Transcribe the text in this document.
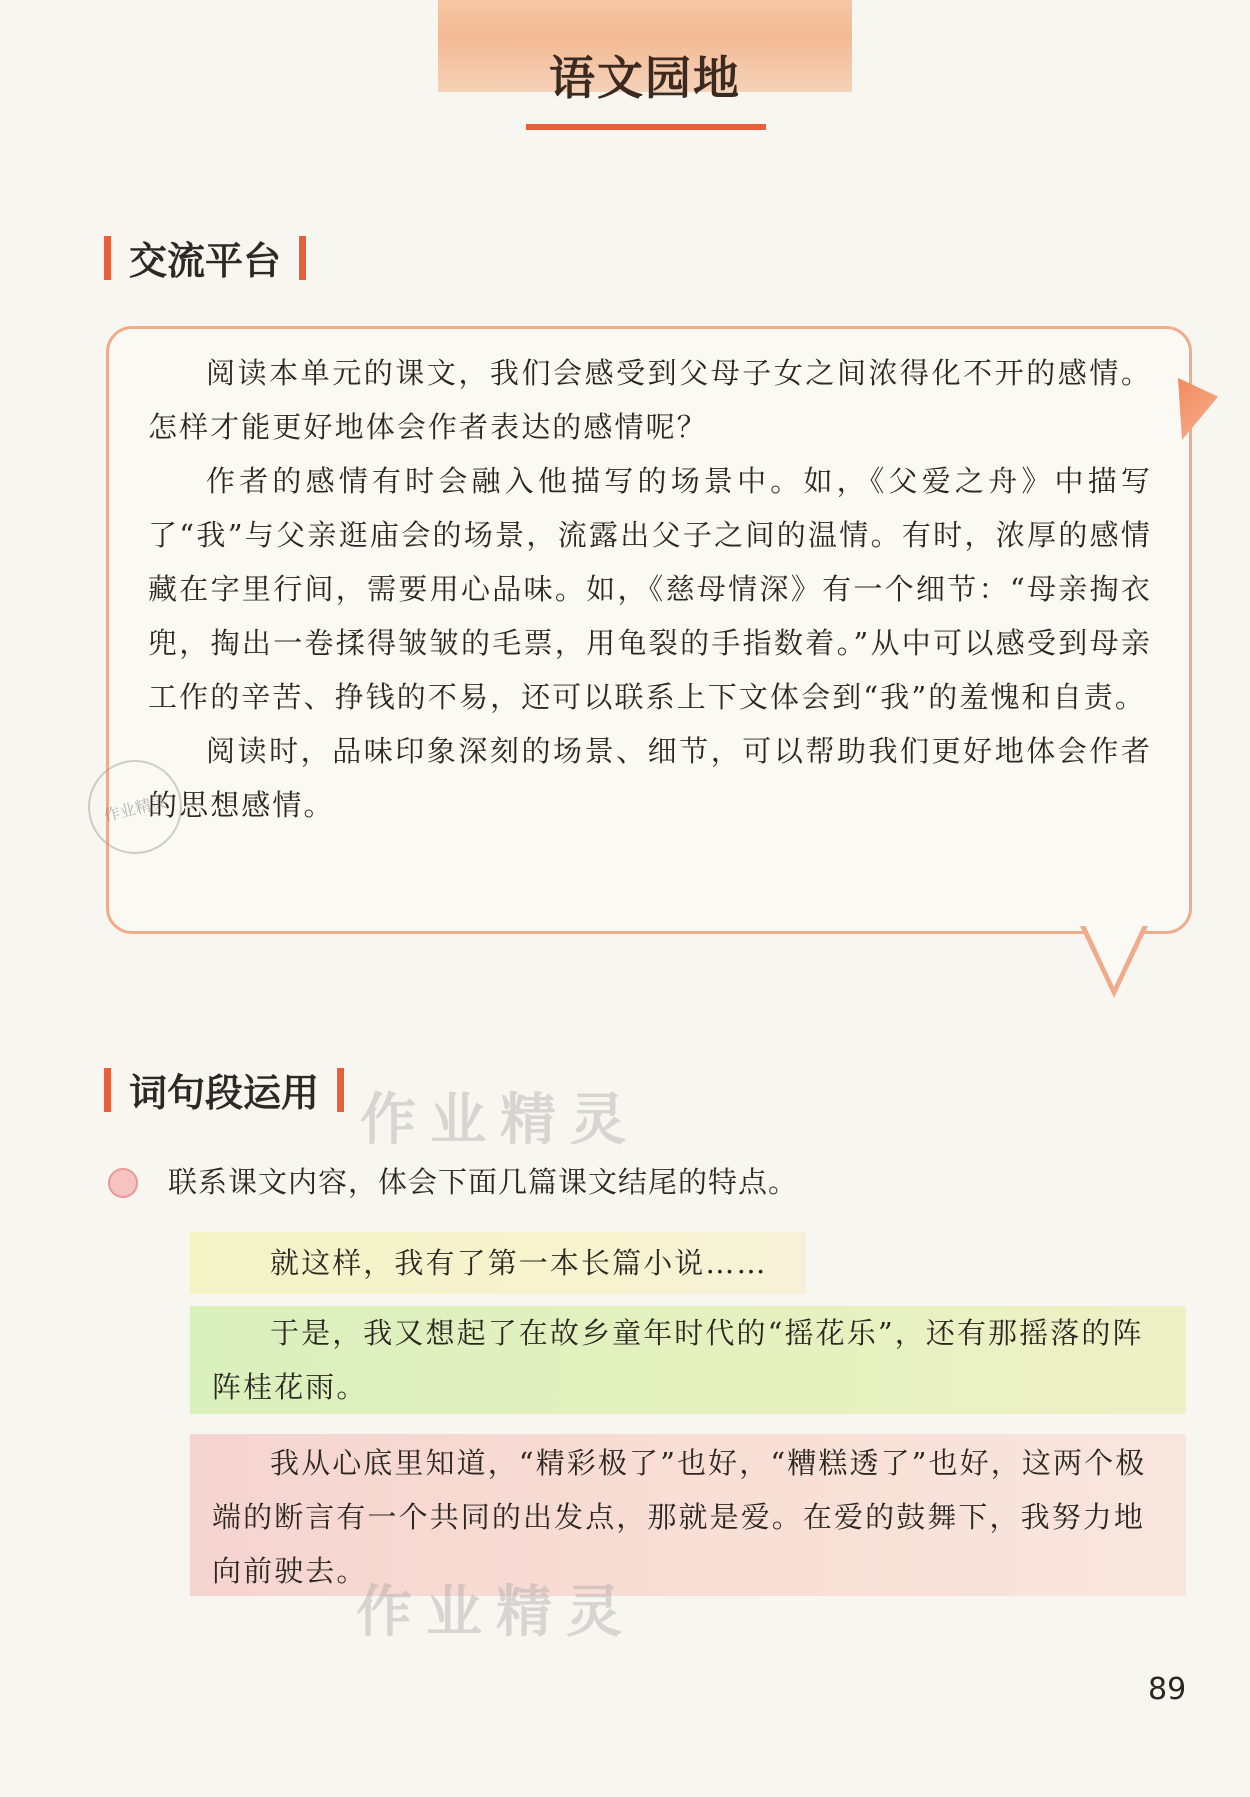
语文园地
交流平台

阅读本单元的课文，我们会感受到父母子女之间浓得化不开的感情。怎样才能更好地体会作者表达的感情呢？

作者的感情有时会融入他描写的场景中。如，《父爱之舟》中描写了“我”与父亲逛庙会的场景，流露出父子之间的温情。有时，浓厚的感情藏在字里行间，需要用心品味。如，《慈母情深》有一个细节：“母亲掏衣兜，掏出一卷揉得皱皱的毛票，用龟裂的手指数着。”从中可以感受到母亲工作的辛苦、挣钱的不易，还可以联系上下文体会到“我”的羞愧和自责。

阅读时，品味印象深刻的场景、细节，可以帮助我们更好地体会作者的思想感情。

作业精灵
词句段运用 作业精灵
联系课文内容，体会下面几篇课文结尾的特点。

就这样，我有了第一本长篇小说……

于是，我又想起了在故乡童年时代的“摇花乐”，还有那摇落的阵阵桂花雨。

我从心底里知道，“精彩极了”也好，“糟糕透了”也好，这两个极端的断言有一个共同的出发点，那就是爱。在爱的鼓舞下，我努力地向前驶去。

作业精灵
89
